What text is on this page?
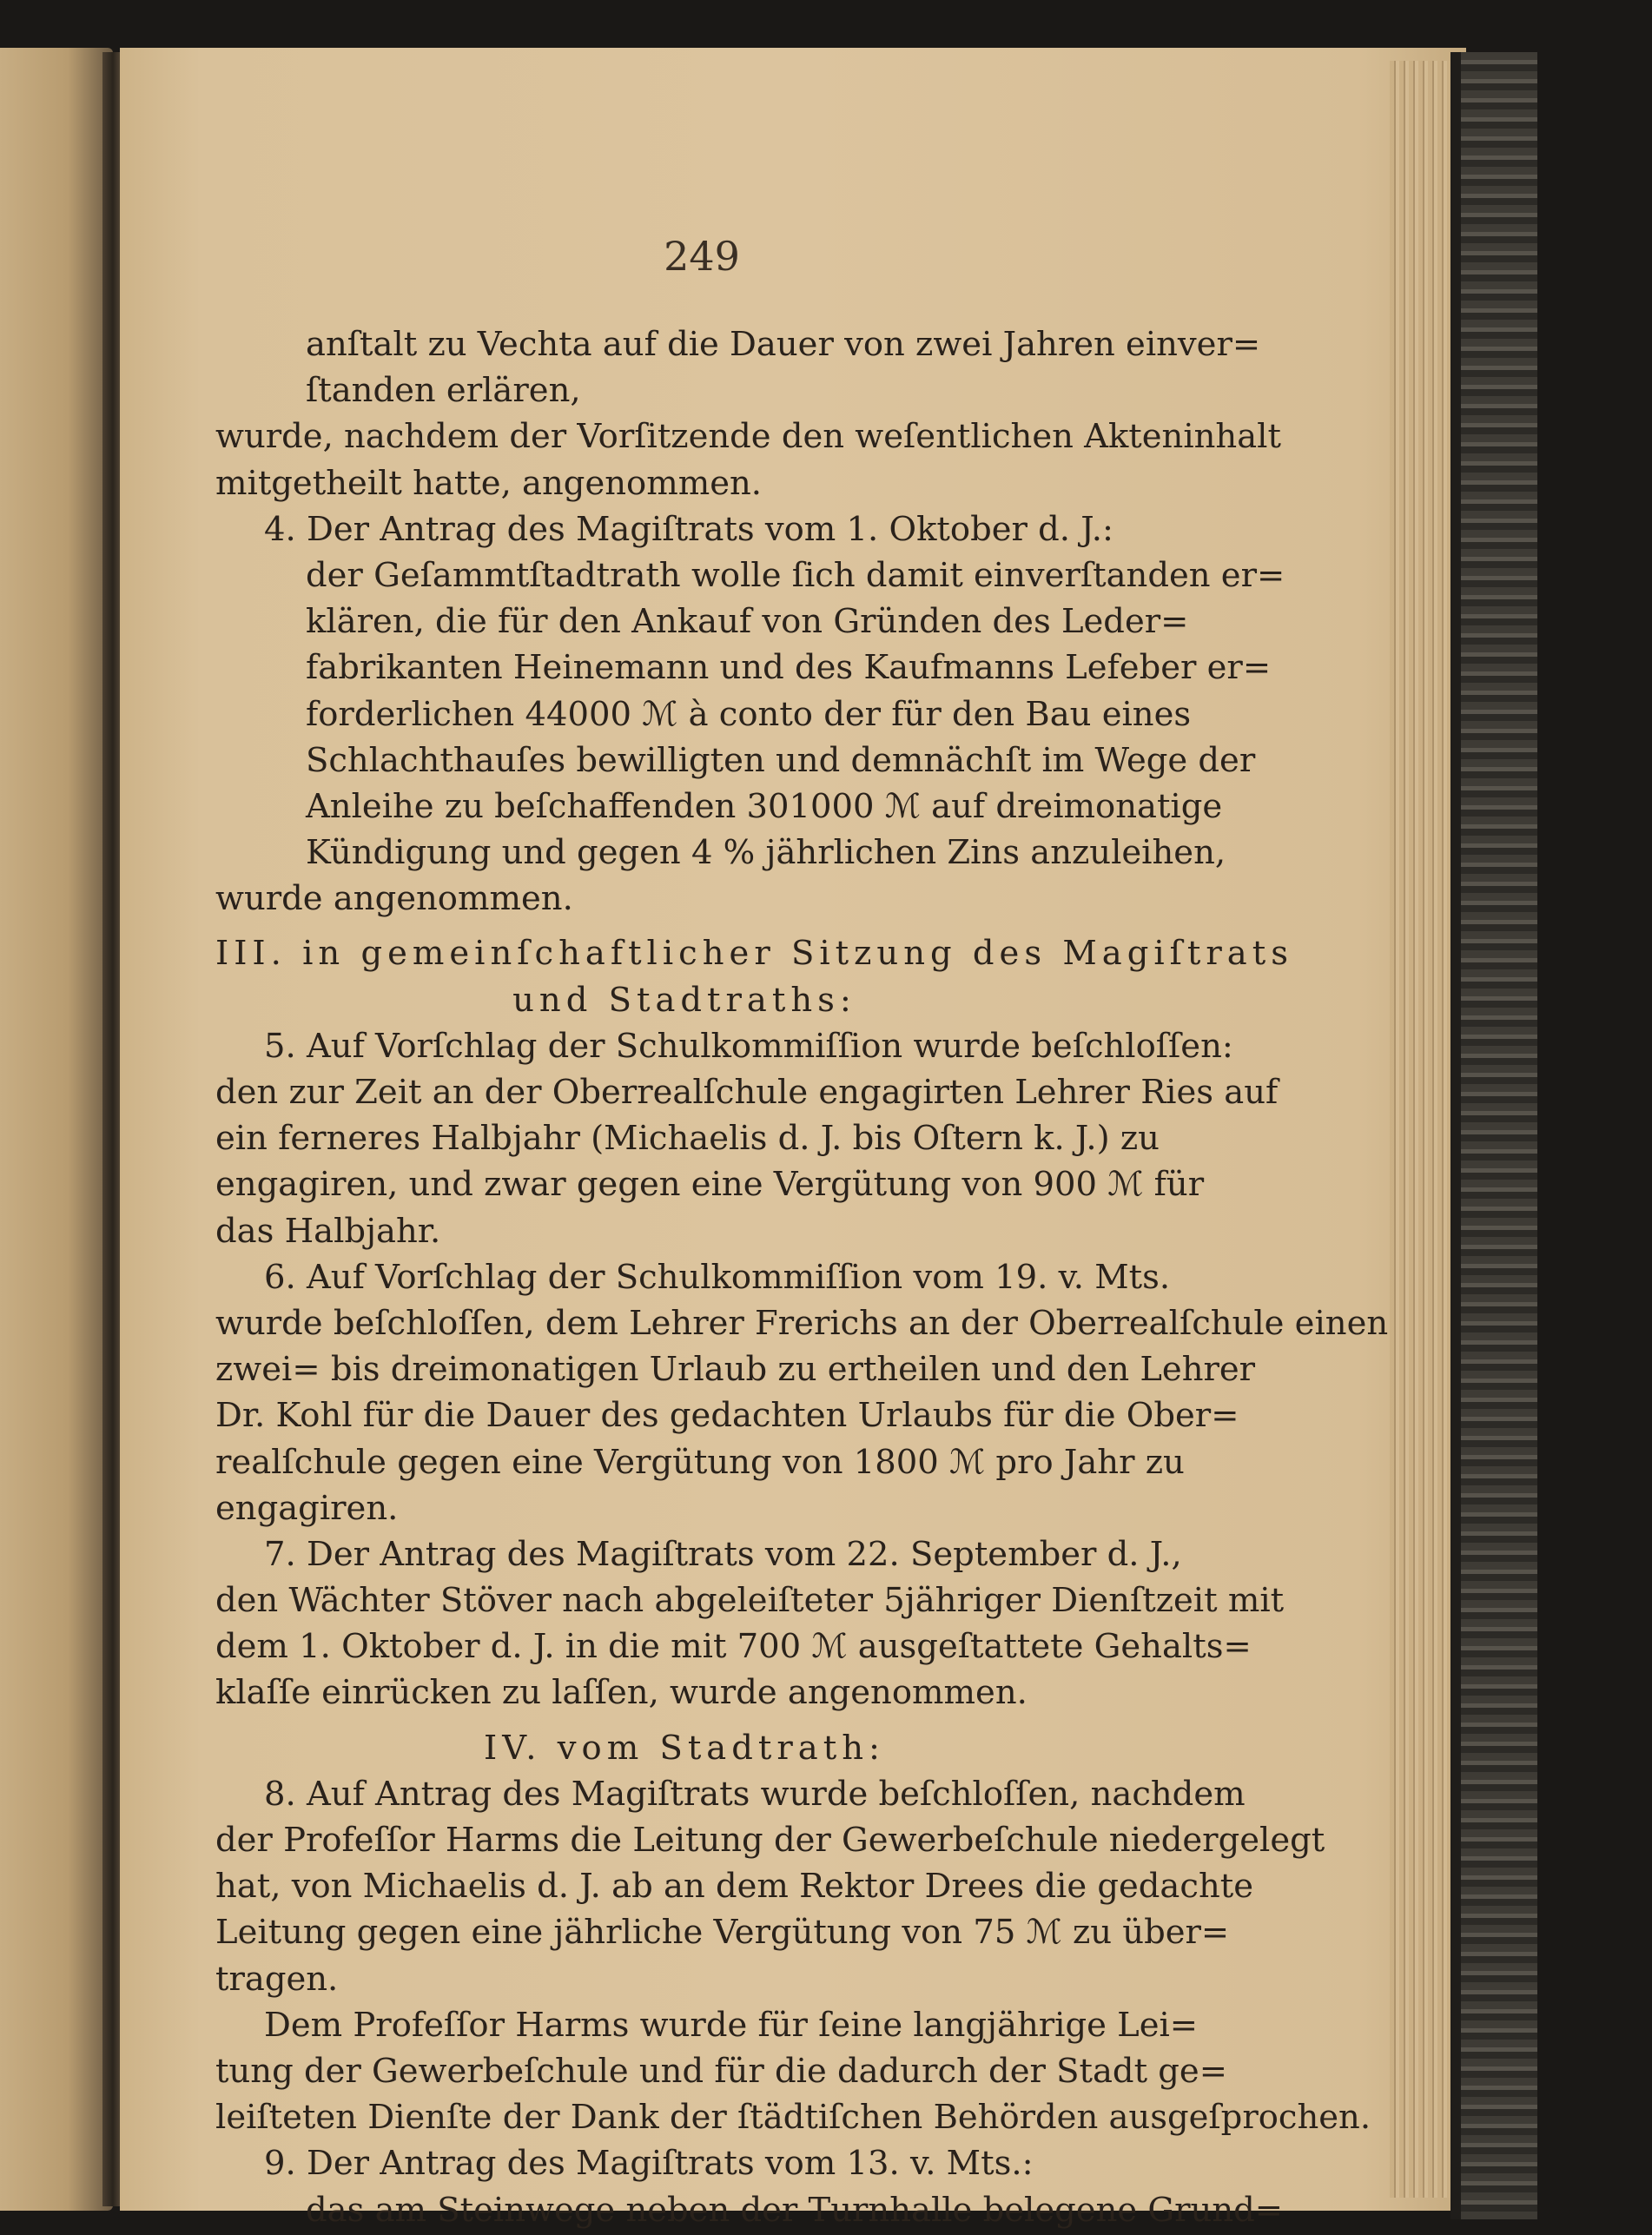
249
anſtalt zu Vechta auf die Dauer von zwei Jahren einver=
ſtanden erlären,
wurde, nachdem der Vorſitzende den weſentlichen Akteninhalt
mitgetheilt hatte, angenommen.
4. Der Antrag des Magiſtrats vom 1. Oktober d. J.:
der Geſammtſtadtrath wolle ſich damit einverſtanden er=
klären, die für den Ankauf von Gründen des Leder=
fabrikanten Heinemann und des Kaufmanns Lefeber er=
forderlichen 44000 ℳ à conto der für den Bau eines
Schlachthauſes bewilligten und demnächſt im Wege der
Anleihe zu beſchaffenden 301000 ℳ auf dreimonatige
Kündigung und gegen 4 % jährlichen Zins anzuleihen,
wurde angenommen.
III. in gemeinſchaftlicher Sitzung des Magiſtrats
und Stadtraths:
5. Auf Vorſchlag der Schulkommiſſion wurde beſchloſſen:
den zur Zeit an der Oberrealſchule engagirten Lehrer Ries auf
ein ferneres Halbjahr (Michaelis d. J. bis Oſtern k. J.) zu
engagiren, und zwar gegen eine Vergütung von 900 ℳ für
das Halbjahr.
6. Auf Vorſchlag der Schulkommiſſion vom 19. v. Mts.
wurde beſchloſſen, dem Lehrer Frerichs an der Oberrealſchule einen
zwei= bis dreimonatigen Urlaub zu ertheilen und den Lehrer
Dr. Kohl für die Dauer des gedachten Urlaubs für die Ober=
realſchule gegen eine Vergütung von 1800 ℳ pro Jahr zu
engagiren.
7. Der Antrag des Magiſtrats vom 22. September d. J.,
den Wächter Stöver nach abgeleiſteter 5jähriger Dienſtzeit mit
dem 1. Oktober d. J. in die mit 700 ℳ ausgeſtattete Gehalts=
klaſſe einrücken zu laſſen, wurde angenommen.
IV. vom Stadtrath:
8. Auf Antrag des Magiſtrats wurde beſchloſſen, nachdem
der Profeſſor Harms die Leitung der Gewerbeſchule niedergelegt
hat, von Michaelis d. J. ab an dem Rektor Drees die gedachte
Leitung gegen eine jährliche Vergütung von 75 ℳ zu über=
tragen.
Dem Profeſſor Harms wurde für ſeine langjährige Lei=
tung der Gewerbeſchule und für die dadurch der Stadt ge=
leiſteten Dienſte der Dank der ſtädtiſchen Behörden ausgeſprochen.
9. Der Antrag des Magiſtrats vom 13. v. Mts.:
das am Steinwege neben der Turnhalle belegene Grund=
